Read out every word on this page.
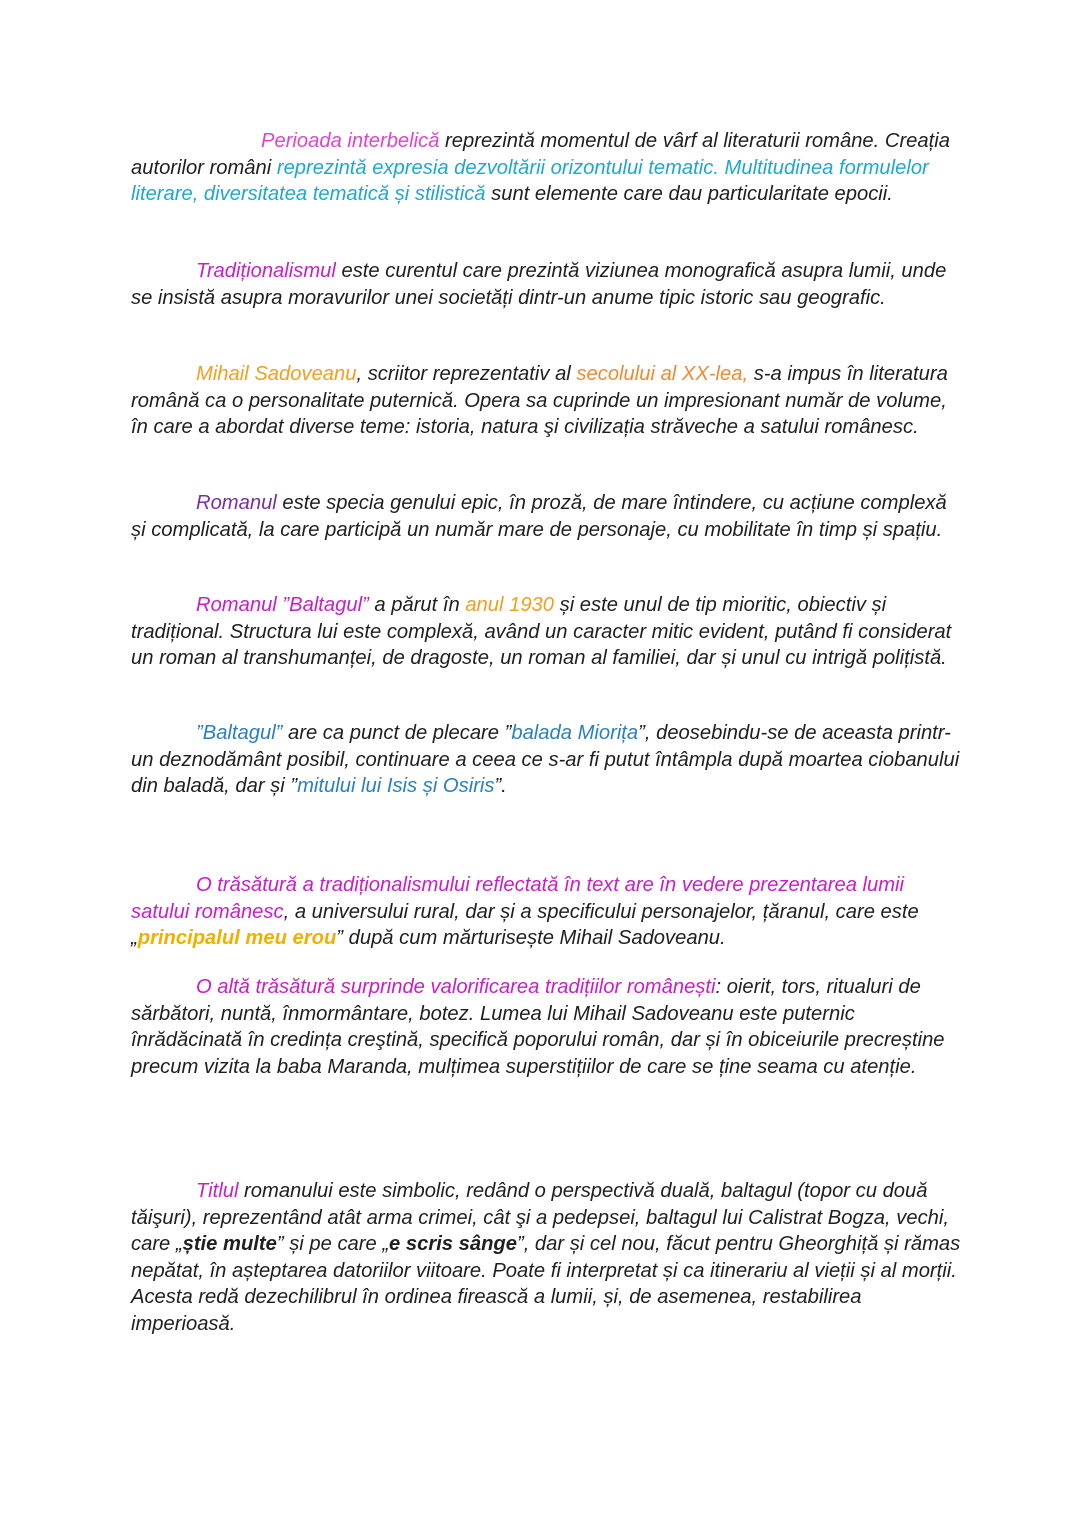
Perioada interbelică reprezintă momentul de vârf al literaturii române. Creația autorilor români reprezintă expresia dezvoltării orizontului tematic. Multitudinea formulelor literare, diversitatea tematică și stilistică sunt elemente care dau particularitate epocii.

Tradiționalismul este curentul care prezintă viziunea monografică asupra lumii, unde se insistă asupra moravurilor unei societăți dintr-un anume tipic istoric sau geografic.

Mihail Sadoveanu, scriitor reprezentativ al secolului al XX-lea, s-a impus în literatura română ca o personalitate puternică. Opera sa cuprinde un impresionant număr de volume, în care a abordat diverse teme: istoria, natura şi civilizația străveche a satului românesc.

Romanul este specia genului epic, în proză, de mare întindere, cu acțiune complexă și complicată, la care participă un număr mare de personaje, cu mobilitate în timp și spațiu.

Romanul ”Baltagul” a părut în anul 1930 și este unul de tip mioritic, obiectiv și tradițional. Structura lui este complexă, având un caracter mitic evident, putând fi considerat un roman al transhumanței, de dragoste, un roman al familiei, dar și unul cu intrigă polițistă.

”Baltagul” are ca punct de plecare ”balada Miorița”, deosebindu-se de aceasta printr-un deznodământ posibil, continuare a ceea ce s-ar fi putut întâmpla după moartea ciobanului din baladă, dar și ”mitului lui Isis și Osiris”.

O trăsătură a tradiționalismului reflectată în text are în vedere prezentarea lumii satului românesc, a universului rural, dar și a specificului personajelor, țăranul, care este „principalul meu erou” după cum mărturisește Mihail Sadoveanu.

O altă trăsătură surprinde valorificarea tradițiilor românești: oierit, tors, ritualuri de sărbători, nuntă, înmormântare, botez. Lumea lui Mihail Sadoveanu este puternic înrădăcinată în credința creştină, specifică poporului român, dar și în obiceiurile precreștine precum vizita la baba Maranda, mulțimea superstițiilor de care se ține seama cu atenție.

Titlul romanului este simbolic, redând o perspectivă duală, baltagul (topor cu două tăişuri), reprezentând atât arma crimei, cât şi a pedepsei, baltagul lui Calistrat Bogza, vechi, care „știe multe” și pe care „e scris sânge”, dar și cel nou, făcut pentru Gheorghiță și rămas nepătat, în așteptarea datoriilor viitoare. Poate fi interpretat și ca itinerariu al vieții și al morții. Acesta redă dezechilibrul în ordinea firească a lumii, și, de asemenea, restabilirea imperioasă.
